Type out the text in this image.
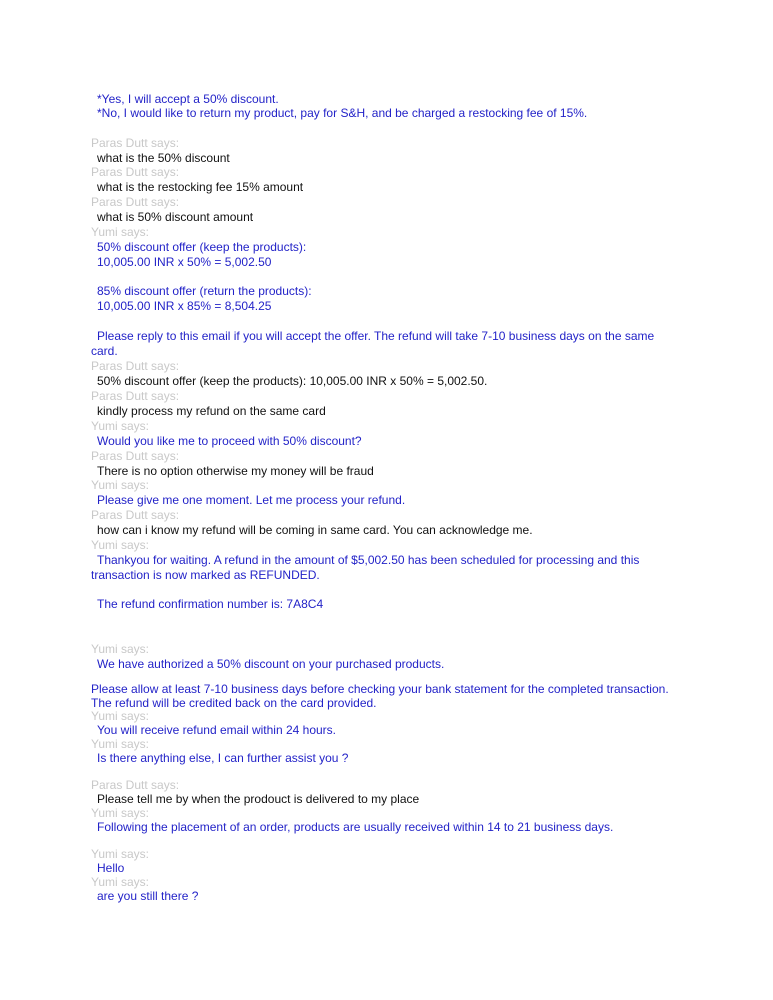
*Yes, I will accept a 50% discount.
*No, I would like to return my product, pay for S&H, and be charged a restocking fee of 15%.
Paras Dutt says:
what is the 50% discount
Paras Dutt says:
what is the restocking fee 15% amount
Paras Dutt says:
what is 50% discount amount
Yumi says:
50% discount offer (keep the products):
10,005.00 INR x 50% = 5,002.50
85% discount offer (return the products):
10,005.00 INR x 85% = 8,504.25
Please reply to this email if you will accept the offer. The refund will take 7-10 business days on the same
card.
Paras Dutt says:
50% discount offer (keep the products): 10,005.00 INR x 50% = 5,002.50.
Paras Dutt says:
kindly process my refund on the same card
Yumi says:
Would you like me to proceed with 50% discount?
Paras Dutt says:
There is no option otherwise my money will be fraud
Yumi says:
Please give me one moment. Let me process your refund.
Paras Dutt says:
how can i know my refund will be coming in same card. You can acknowledge me.
Yumi says:
Thankyou for waiting. A refund in the amount of $5,002.50 has been scheduled for processing and this
transaction is now marked as REFUNDED.
The refund confirmation number is: 7A8C4
Yumi says:
We have authorized a 50% discount on your purchased products.
Please allow at least 7-10 business days before checking your bank statement for the completed transaction.
The refund will be credited back on the card provided.
Yumi says:
You will receive refund email within 24 hours.
Yumi says:
Is there anything else, I can further assist you ?
Paras Dutt says:
Please tell me by when the prodouct is delivered to my place
Yumi says:
Following the placement of an order, products are usually received within 14 to 21 business days.
Yumi says:
Hello
Yumi says:
are you still there ?
